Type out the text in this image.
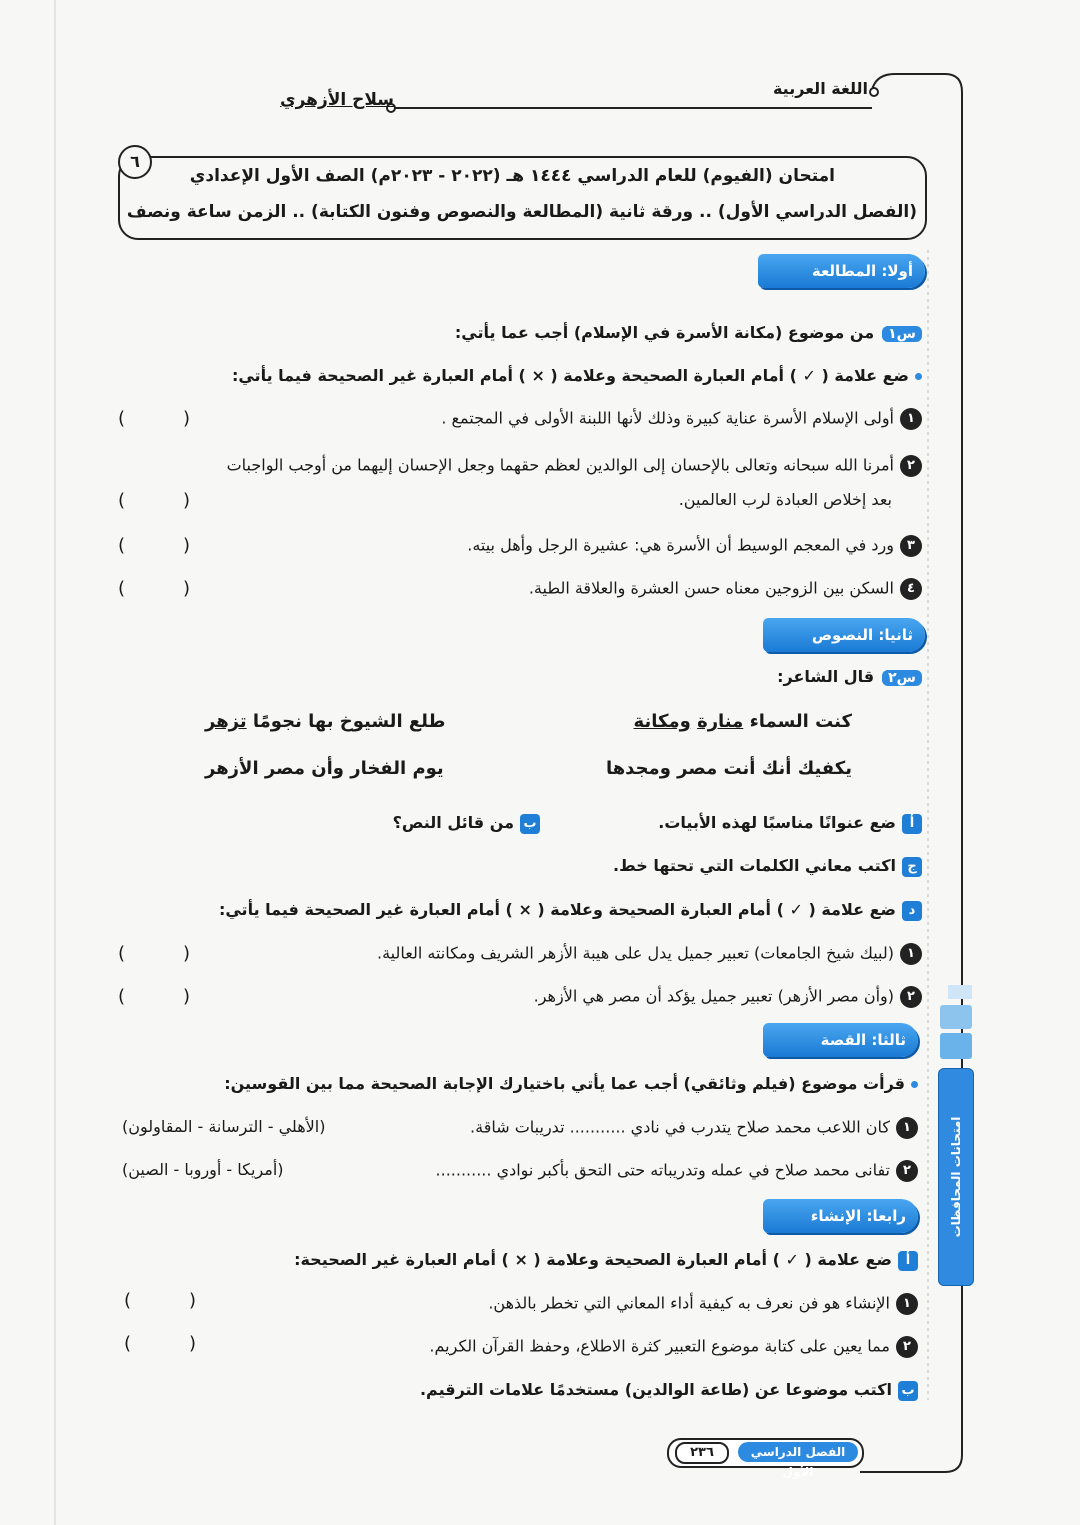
اللغة العربية
سلاح الأزهري
امتحان (الفيوم) للعام الدراسي ١٤٤٤ هـ (٢٠٢٢ - ٢٠٢٣م) الصف الأول الإعدادي
(الفصل الدراسي الأول) .. ورقة ثانية (المطالعة والنصوص وفنون الكتابة) .. الزمن ساعة ونصف
٦
أولا: المطالعة
س١من موضوع (مكانة الأسرة في الإسلام) أجب عما يأتي:
ضع علامة ( ✓ ) أمام العبارة الصحيحة وعلامة ( × ) أمام العبارة غير الصحيحة فيما يأتي:
١أولى الإسلام الأسرة عناية كبيرة وذلك لأنها اللبنة الأولى في المجتمع .
(	)
٢أمرنا الله سبحانه وتعالى بالإحسان إلى الوالدين لعظم حقهما وجعل الإحسان إليهما من أوجب الواجبات
بعد إخلاص العبادة لرب العالمين.
(	)
٣ورد في المعجم الوسيط أن الأسرة هي: عشيرة الرجل وأهل بيته.
(	)
٤السكن بين الزوجين معناه حسن العشرة والعلاقة الطية.
(	)
ثانيا: النصوص
س٢قال الشاعر:
كنت السماء منارة ومكانة
طلع الشيوخ بها نجومًا تزهر
يكفيك أنك أنت مصر ومجدها
يوم الفخار وأن مصر الأزهر
أضع عنوانًا مناسبًا لهذه الأبيات.
بمن قائل النص؟
جاكتب معاني الكلمات التي تحتها خط.
دضع علامة ( ✓ ) أمام العبارة الصحيحة وعلامة ( × ) أمام العبارة غير الصحيحة فيما يأتي:
١(لبيك شيخ الجامعات) تعبير جميل يدل على هيبة الأزهر الشريف ومكانته العالية.
(	)
٢(وأن مصر الأزهر) تعبير جميل يؤكد أن مصر هي الأزهر.
(	)
ثالثا: القصة
قرأت موضوع (فيلم وثائقي) أجب عما يأتي باختيارك الإجابة الصحيحة مما بين القوسين:
١كان اللاعب محمد صلاح يتدرب في نادي ........... تدريبات شاقة.
(الأهلي - الترسانة - المقاولون)
٢تفانى محمد صلاح في عمله وتدريباته حتى التحق بأكبر نوادي ...........
(أمريكا - أوروبا - الصين)
رابعا: الإنشاء
أضع علامة ( ✓ ) أمام العبارة الصحيحة وعلامة ( × ) أمام العبارة غير الصحيحة:
١الإنشاء هو فن نعرف به كيفية أداء المعاني التي تخطر بالذهن.
(	)
٢مما يعين على كتابة موضوع التعبير كثرة الاطلاع، وحفظ القرآن الكريم.
(	)
باكتب موضوعا عن (طاعة الوالدين) مستخدمًا علامات الترقيم.
امتحانات المحافظات
الفصل الدراسي الأول
٢٣٦
